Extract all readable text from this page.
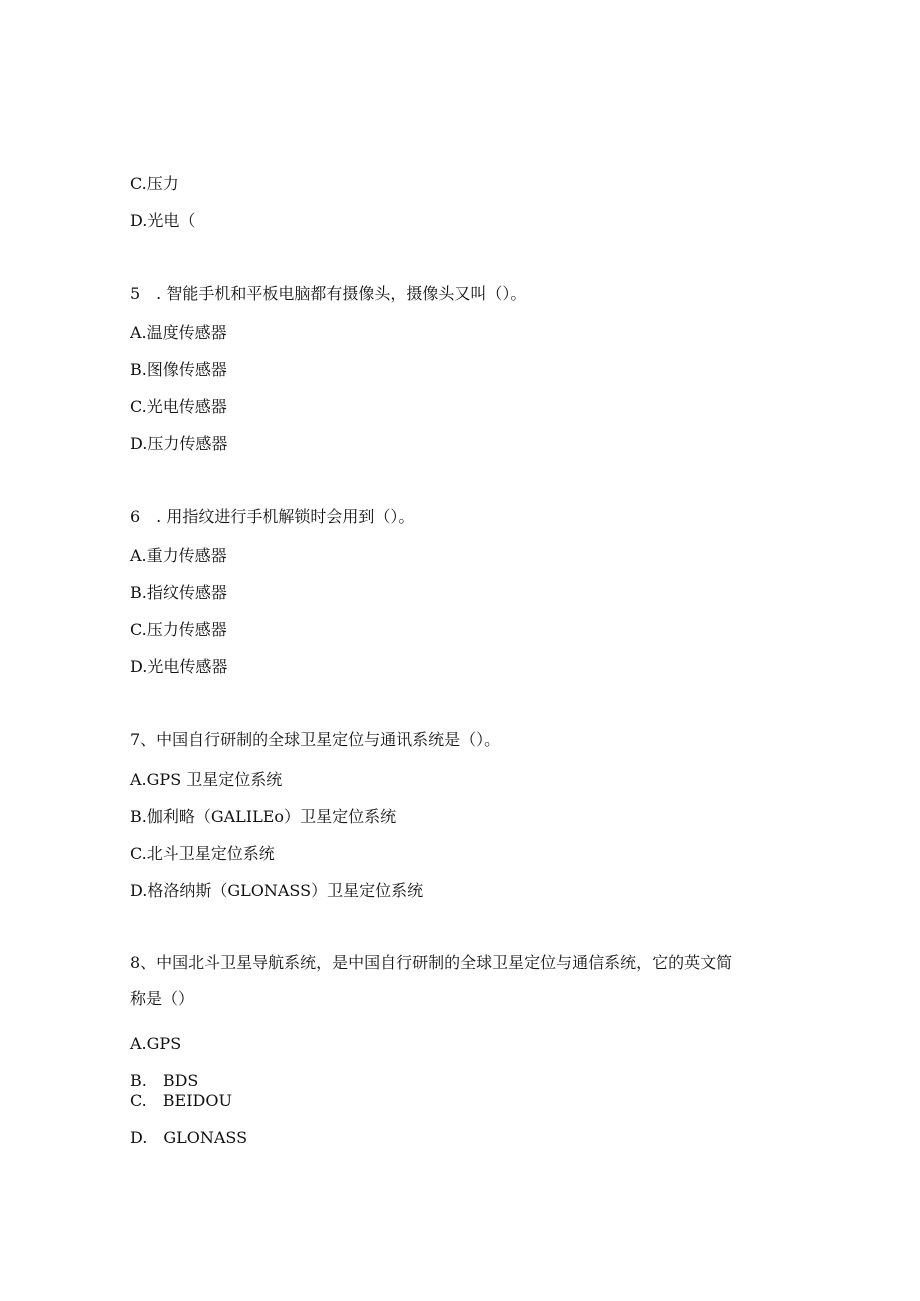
C.压力
D.光电（
5　. 智能手机和平板电脑都有摄像头，摄像头又叫（）。
A.温度传感器
B.图像传感器
C.光电传感器
D.压力传感器
6　. 用指纹进行手机解锁时会用到（）。
A.重力传感器
B.指纹传感器
C.压力传感器
D.光电传感器
7、中国自行研制的全球卫星定位与通讯系统是（）。
A.GPS 卫星定位系统
B.伽利略（GALILEo）卫星定位系统
C.北斗卫星定位系统
D.格洛纳斯（GLONASS）卫星定位系统
8、中国北斗卫星导航系统，是中国自行研制的全球卫星定位与通信系统，它的英文简
称是（）
A.GPS
B.　BDS
C.　BEIDOU
D.　GLONASS
